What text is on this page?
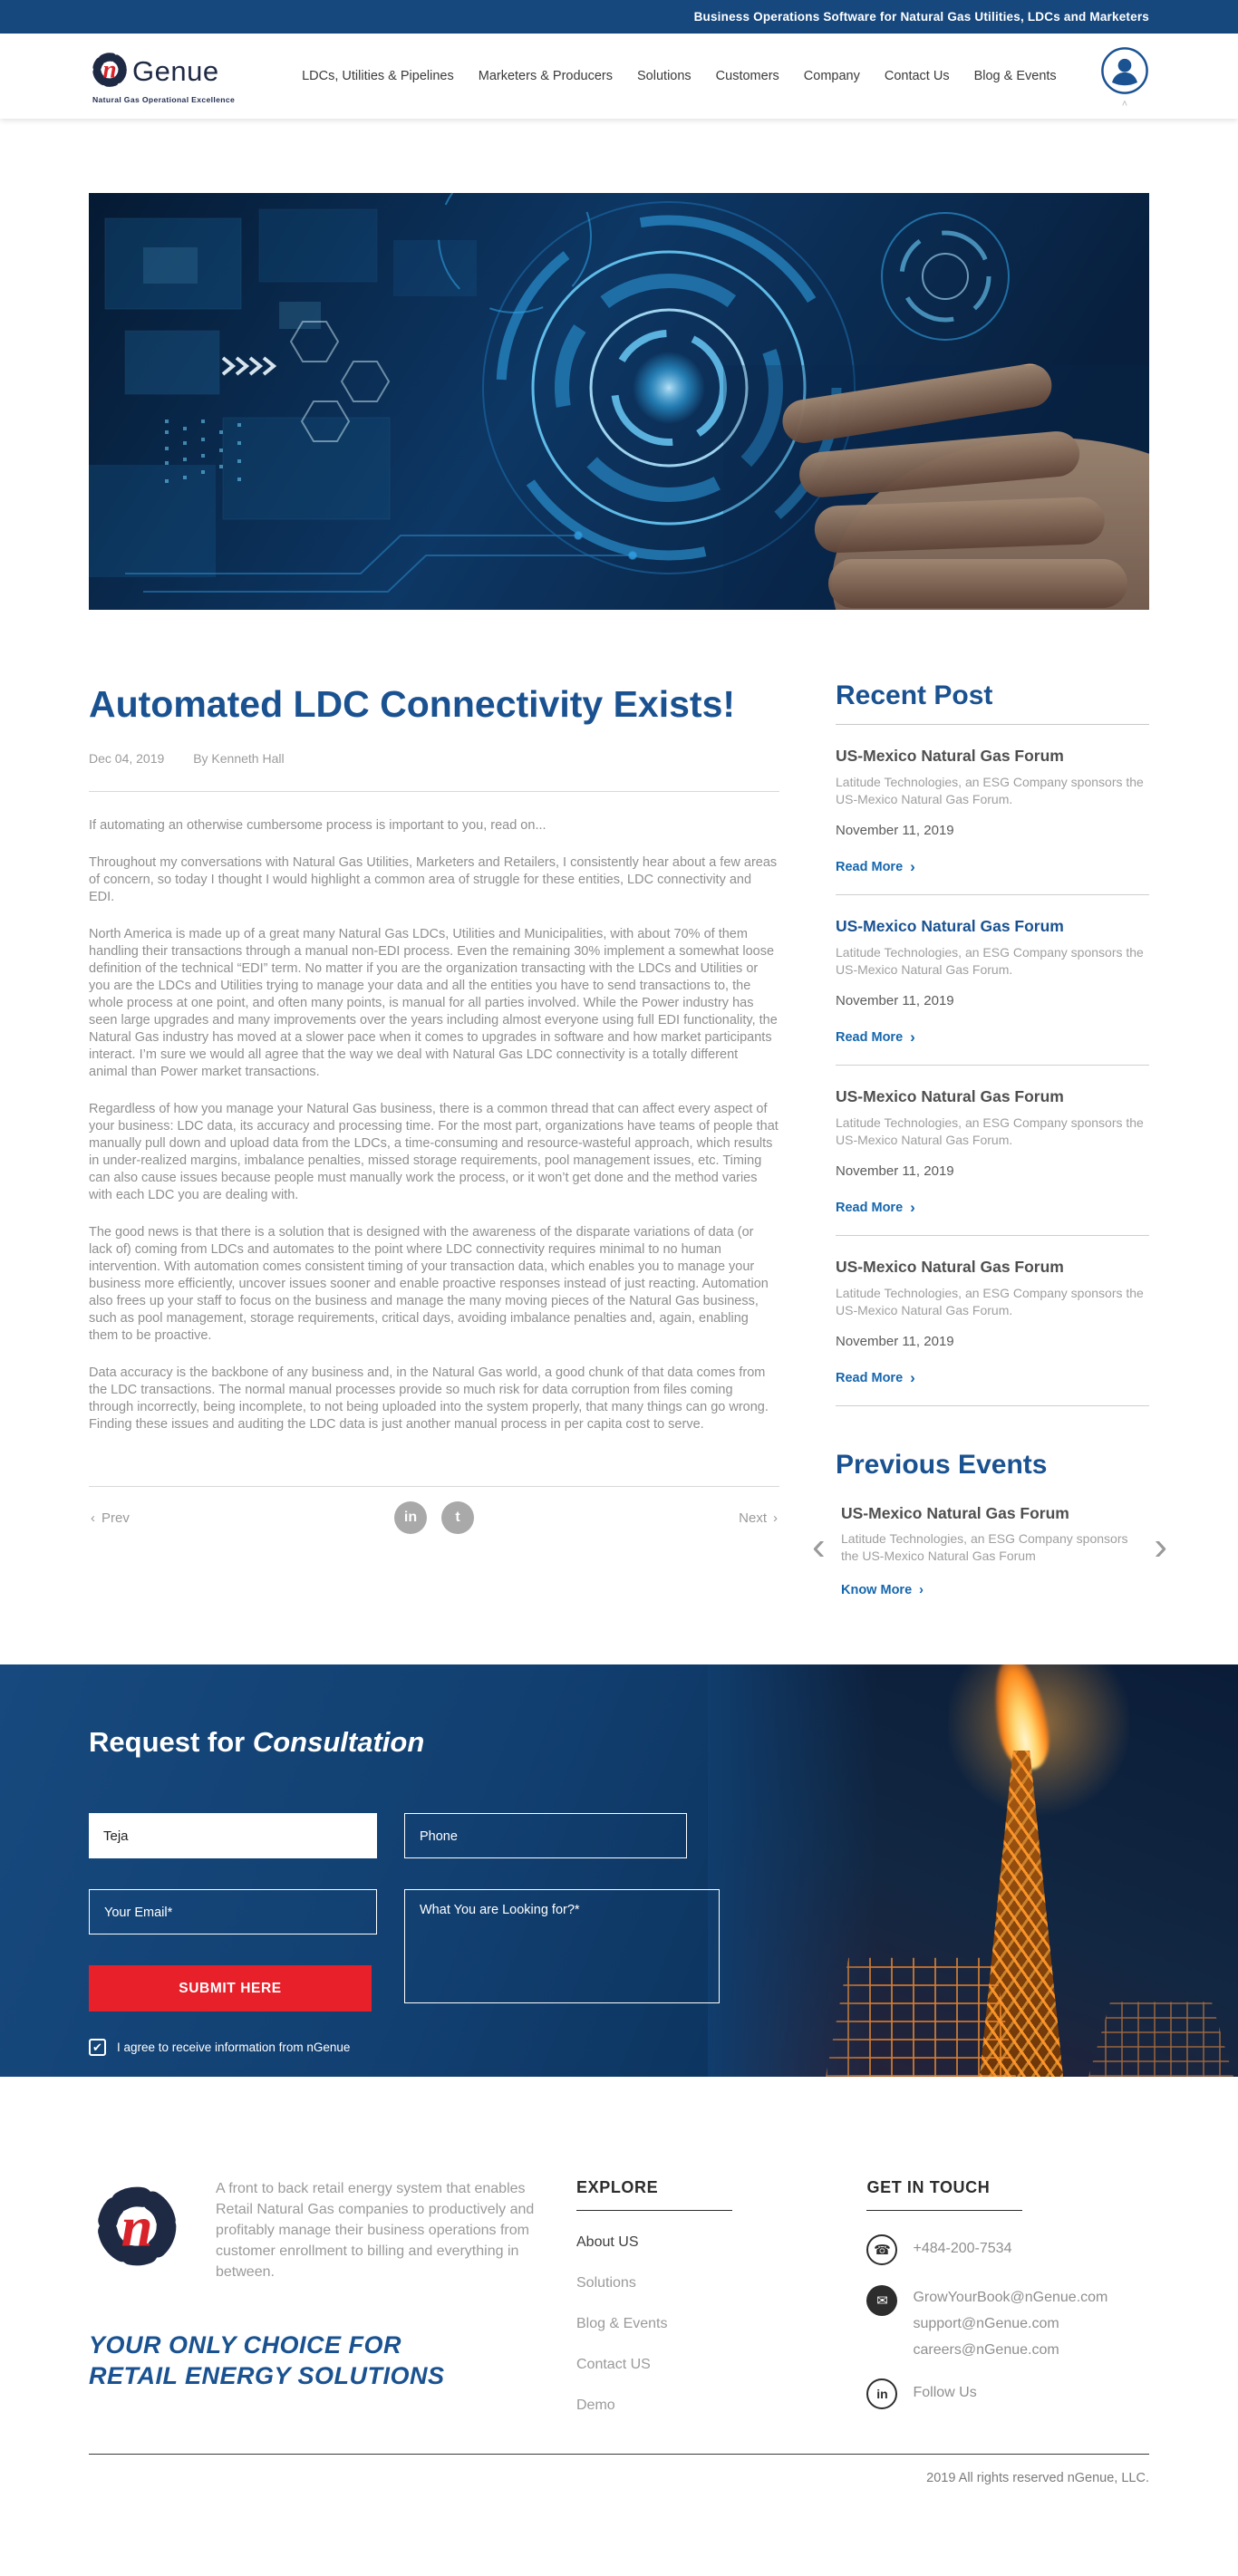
Business Operations Software for Natural Gas Utilities, LDCs and Marketers
n Genue
Natural Gas Operational Excellence
LDCs, Utilities & Pipelines Marketers & Producers Solutions Customers Company Contact Us Blog & Events
˄
Automated LDC Connectivity Exists!
Dec 04, 2019 By Kenneth Hall

If automating an otherwise cumbersome process is important to you, read on...

Throughout my conversations with Natural Gas Utilities, Marketers and Retailers, I consistently hear about a few areas of concern, so today I thought I would highlight a common area of struggle for these entities, LDC connectivity and EDI.

North America is made up of a great many Natural Gas LDCs, Utilities and Municipalities, with about 70% of them handling their transactions through a manual non-EDI process. Even the remaining 30% implement a somewhat loose definition of the technical “EDI” term. No matter if you are the organization transacting with the LDCs and Utilities or you are the LDCs and Utilities trying to manage your data and all the entities you have to send transactions to, the whole process at one point, and often many points, is manual for all parties involved. While the Power industry has seen large upgrades and many improvements over the years including almost everyone using full EDI functionality, the Natural Gas industry has moved at a slower pace when it comes to upgrades in software and how market participants interact. I’m sure we would all agree that the way we deal with Natural Gas LDC connectivity is a totally different animal than Power market transactions.

Regardless of how you manage your Natural Gas business, there is a common thread that can affect every aspect of your business: LDC data, its accuracy and processing time. For the most part, organizations have teams of people that manually pull down and upload data from the LDCs, a time-consuming and resource-wasteful approach, which results in under-realized margins, imbalance penalties, missed storage requirements, pool management issues, etc. Timing can also cause issues because people must manually work the process, or it won’t get done and the method varies with each LDC you are dealing with.

The good news is that there is a solution that is designed with the awareness of the disparate variations of data (or lack of) coming from LDCs and automates to the point where LDC connectivity requires minimal to no human intervention. With automation comes consistent timing of your transaction data, which enables you to manage your business more efficiently, uncover issues sooner and enable proactive responses instead of just reacting. Automation also frees up your staff to focus on the business and manage the many moving pieces of the Natural Gas business, such as pool management, storage requirements, critical days, avoiding imbalance penalties and, again, enabling them to be proactive.

Data accuracy is the backbone of any business and, in the Natural Gas world, a good chunk of that data comes from the LDC transactions. The normal manual processes provide so much risk for data corruption from files coming through incorrectly, being incomplete, to not being uploaded into the system properly, that many things can go wrong. Finding these issues and auditing the LDC data is just another manual process in per capita cost to serve.

‹ Prev	in	t	Next ›
Recent Post
US-Mexico Natural Gas Forum
Latitude Technologies, an ESG Company sponsors the US-Mexico Natural Gas Forum.
November 11, 2019
Read More ›
US-Mexico Natural Gas Forum
Latitude Technologies, an ESG Company sponsors the US-Mexico Natural Gas Forum.
November 11, 2019
Read More ›
US-Mexico Natural Gas Forum
Latitude Technologies, an ESG Company sponsors the US-Mexico Natural Gas Forum.
November 11, 2019
Read More ›
US-Mexico Natural Gas Forum
Latitude Technologies, an ESG Company sponsors the US-Mexico Natural Gas Forum.
November 11, 2019
Read More ›
Previous Events
‹	›
US-Mexico Natural Gas Forum
Latitude Technologies, an ESG Company sponsors the US-Mexico Natural Gas Forum
Know More ›
Request for Consultation
Teja
Your Email*
SUBMIT HERE
Phone
What You are Looking for?*
✔ I agree to receive information from nGenue
n

A front to back retail energy system that enables Retail Natural Gas companies to productively and profitably manage their business operations from customer enrollment to billing and everything in between.

YOUR ONLY CHOICE FOR
RETAIL ENERGY SOLUTIONS
EXPLORE
About US
Solutions
Blog & Events
Contact US
Demo
GET IN TOUCH
☎	+484-200-7534
✉	GrowYourBook@nGenue.com
support@nGenue.com
careers@nGenue.com
in	Follow Us
2019 All rights reserved nGenue, LLC.
